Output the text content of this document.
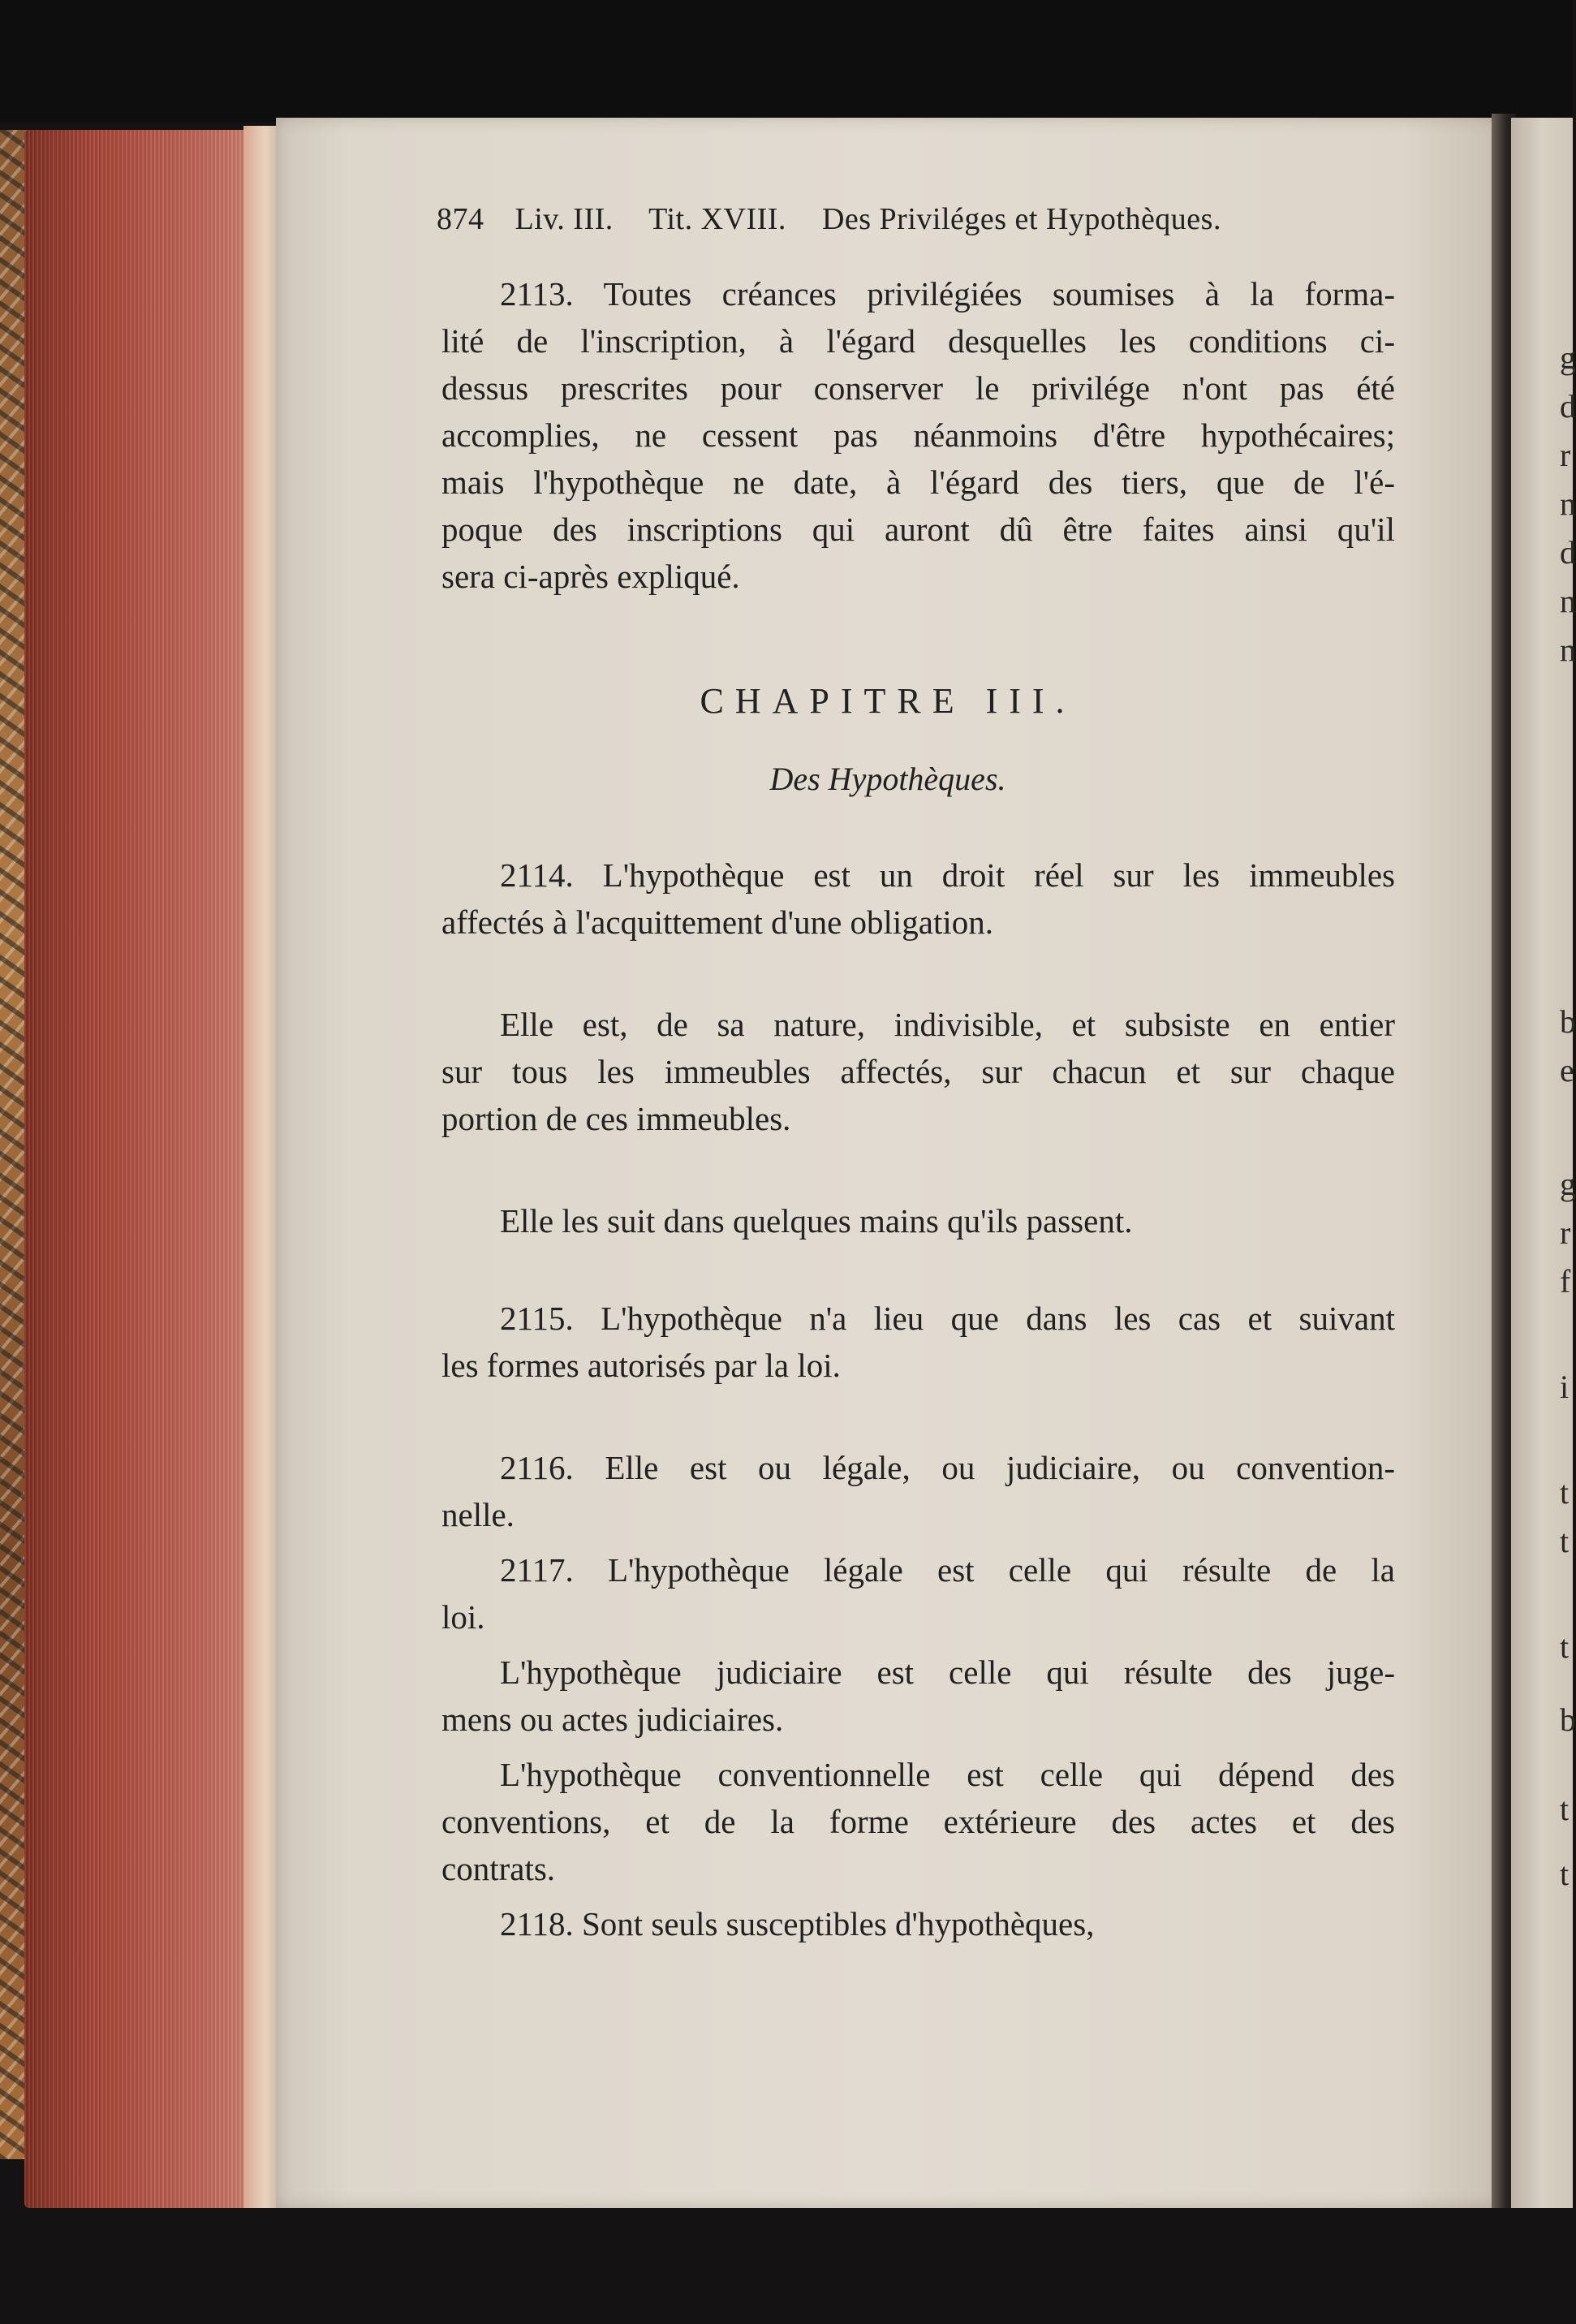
g
d
r
n
d
n
n
b
e
g
r
f
i
t
t
t
b
t
t
874 Liv. III. Tit. XVIII. Des Priviléges et Hypothèques.
2113. Toutes créances privilégiées soumises à la forma-
lité de l'inscription, à l'égard desquelles les conditions ci-
dessus prescrites pour conserver le privilége n'ont pas été
accomplies, ne cessent pas néanmoins d'être hypothécaires;
mais l'hypothèque ne date, à l'égard des tiers, que de l'é-
poque des inscriptions qui auront dû être faites ainsi qu'il
sera ci-après expliqué.
CHAPITRE III.
Des Hypothèques.
2114. L'hypothèque est un droit réel sur les immeubles
affectés à l'acquittement d'une obligation.
Elle est, de sa nature, indivisible, et subsiste en entier
sur tous les immeubles affectés, sur chacun et sur chaque
portion de ces immeubles.
Elle les suit dans quelques mains qu'ils passent.
2115. L'hypothèque n'a lieu que dans les cas et suivant
les formes autorisés par la loi.
2116. Elle est ou légale, ou judiciaire, ou convention-
nelle.
2117. L'hypothèque légale est celle qui résulte de la
loi.
L'hypothèque judiciaire est celle qui résulte des juge-
mens ou actes judiciaires.
L'hypothèque conventionnelle est celle qui dépend des
conventions, et de la forme extérieure des actes et des
contrats.
2118. Sont seuls susceptibles d'hypothèques,
